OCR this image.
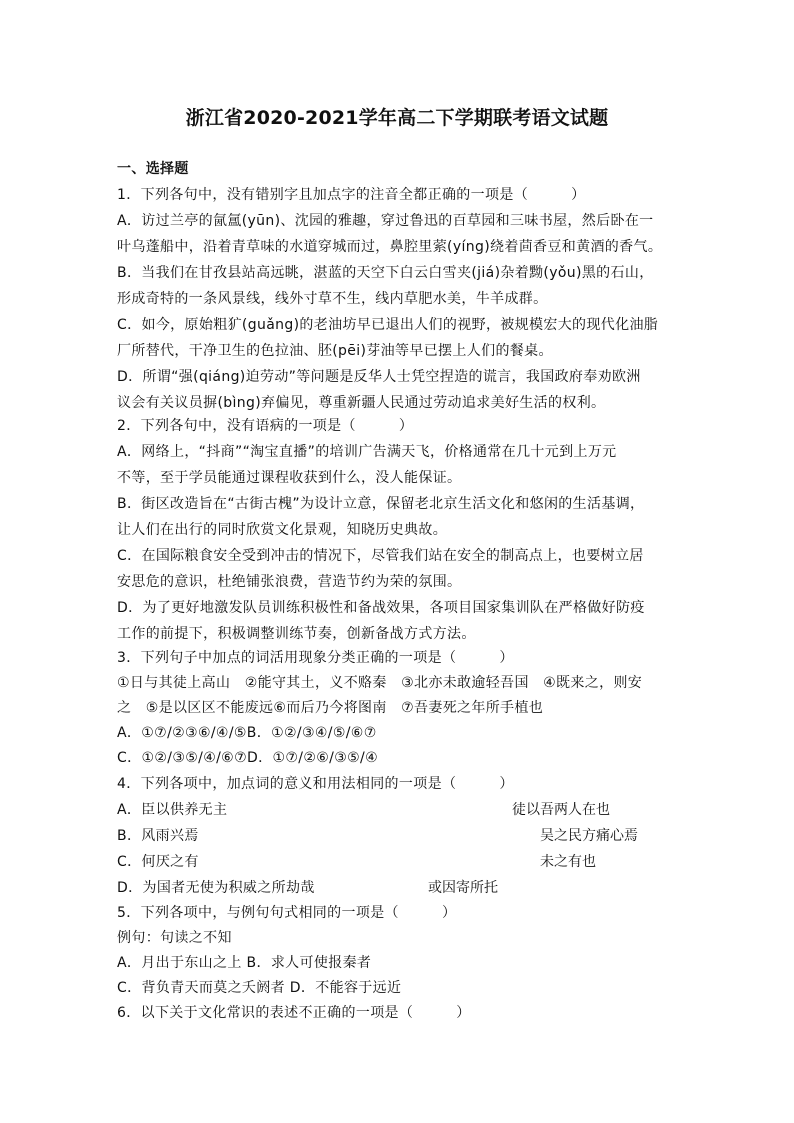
浙江省2020-2021学年高二下学期联考语文试题
一、选择题
1．下列各句中，没有错别字且加点字的注音全都正确的一项是（　　　）
A．访过兰亭的氤氲(yūn)、沈园的雅趣，穿过鲁迅的百草园和三味书屋，然后卧在一
叶乌蓬船中，沿着青草味的水道穿城而过，鼻腔里萦(yíng)绕着茴香豆和黄酒的香气。
B．当我们在甘孜县站高远眺，湛蓝的天空下白云白雪夹(jiá)杂着黝(yǒu)黑的石山，
形成奇特的一条风景线，线外寸草不生，线内草肥水美，牛羊成群。
C．如今，原始粗犷(guǎng)的老油坊早已退出人们的视野，被规模宏大的现代化油脂
厂所替代，干净卫生的色拉油、胚(pēi)芽油等早已摆上人们的餐桌。
D．所谓“强(qiáng)迫劳动”等问题是反华人士凭空捏造的谎言，我国政府奉劝欧洲
议会有关议员摒(bìng)弃偏见，尊重新疆人民通过劳动追求美好生活的权利。
2．下列各句中，没有语病的一项是（　　　）
A．网络上，“抖商”“淘宝直播”的培训广告满天飞，价格通常在几十元到上万元
不等，至于学员能通过课程收获到什么，没人能保证。
B．街区改造旨在“古街古槐”为设计立意，保留老北京生活文化和悠闲的生活基调，
让人们在出行的同时欣赏文化景观，知晓历史典故。
C．在国际粮食安全受到冲击的情况下，尽管我们站在安全的制高点上，也要树立居
安思危的意识，杜绝铺张浪费，营造节约为荣的氛围。
D．为了更好地激发队员训练积极性和备战效果，各项目国家集训队在严格做好防疫
工作的前提下，积极调整训练节奏，创新备战方式方法。
3．下列句子中加点的词活用现象分类正确的一项是（　　　）
①日与其徒上高山　②能守其土，义不赂秦　③北亦未敢逾轻吾国　④既来之，则安
之　⑤是以区区不能废远⑥而后乃今将图南　⑦吾妻死之年所手植也
A．①⑦/②③⑥/④/⑤B．①②/③④/⑤/⑥⑦
C．①②/③⑤/④/⑥⑦D．①⑦/②⑥/③⑤/④
4．下列各项中，加点词的意义和用法相同的一项是（　　　）
A．臣以供养无主	徒以吾两人在也
B．风雨兴焉	吴之民方痛心焉
C．何厌之有	未之有也
D．为国者无使为积威之所劫哉	或因寄所托
5．下列各项中，与例句句式相同的一项是（　　　）
例句：句读之不知
A．月出于东山之上 B．求人可使报秦者
C．背负青天而莫之夭阏者 D．不能容于远近
6．以下关于文化常识的表述不正确的一项是（　　　）
